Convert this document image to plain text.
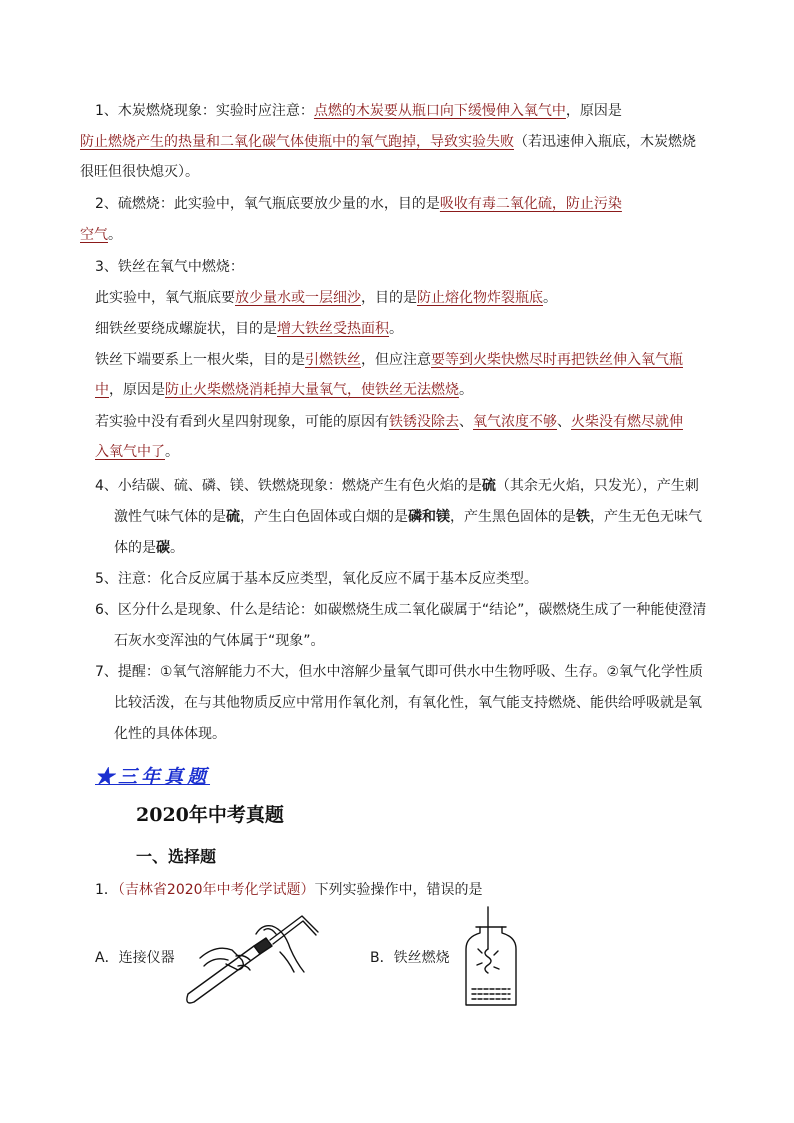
1、木炭燃烧现象：实验时应注意：点燃的木炭要从瓶口向下缓慢伸入氧气中，原因是
防止燃烧产生的热量和二氧化碳气体使瓶中的氧气跑掉，导致实验失败（若迅速伸入瓶底，木炭燃烧
很旺但很快熄灭）。
2、硫燃烧：此实验中，氧气瓶底要放少量的水，目的是吸收有毒二氧化硫，防止污染
空气。
3、铁丝在氧气中燃烧：
此实验中，氧气瓶底要放少量水或一层细沙，目的是防止熔化物炸裂瓶底。
细铁丝要绕成螺旋状，目的是增大铁丝受热面积。
铁丝下端要系上一根火柴，目的是引燃铁丝，但应注意要等到火柴快燃尽时再把铁丝伸入氧气瓶
中，原因是防止火柴燃烧消耗掉大量氧气，使铁丝无法燃烧。
若实验中没有看到火星四射现象，可能的原因有铁锈没除去、氧气浓度不够、火柴没有燃尽就伸
入氧气中了。
4、小结碳、硫、磷、镁、铁燃烧现象：燃烧产生有色火焰的是硫（其余无火焰，只发光），产生刺
激性气味气体的是硫，产生白色固体或白烟的是磷和镁，产生黑色固体的是铁，产生无色无味气
体的是碳。
5、注意：化合反应属于基本反应类型，氧化反应不属于基本反应类型。
6、区分什么是现象、什么是结论：如碳燃烧生成二氧化碳属于“结论”，碳燃烧生成了一种能使澄清
石灰水变浑浊的气体属于“现象”。
7、提醒：①氧气溶解能力不大，但水中溶解少量氧气即可供水中生物呼吸、生存。②氧气化学性质
比较活泼，在与其他物质反应中常用作氧化剂，有氧化性，氧气能支持燃烧、能供给呼吸就是氧
化性的具体体现。
★三年真题
2020年中考真题
一、选择题
1．（吉林省2020年中考化学试题）下列实验操作中，错误的是
A．连接仪器	B．铁丝燃烧
